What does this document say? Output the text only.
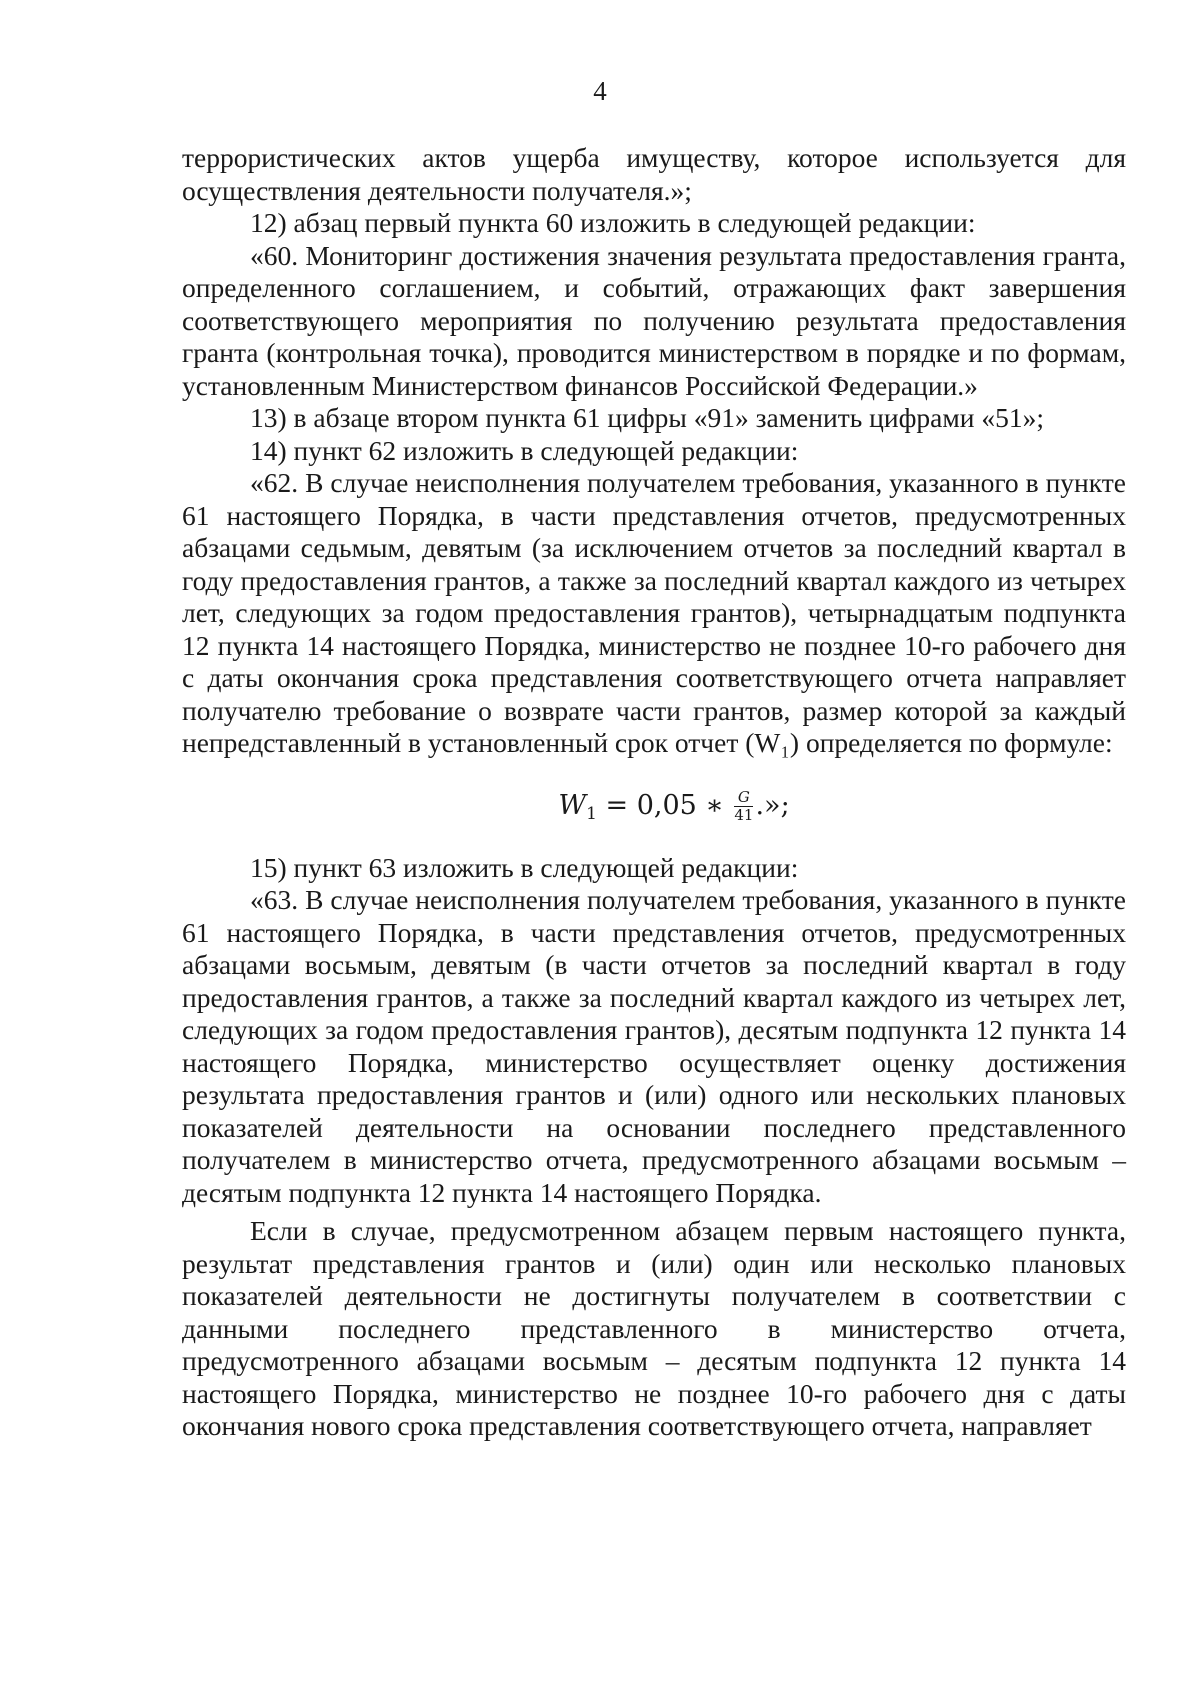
4

террористических актов ущерба имуществу, которое используется для осуществления деятельности получателя.»;

12) абзац первый пункта 60 изложить в следующей редакции:

«60. Мониторинг достижения значения результата предоставления гранта, определенного соглашением, и событий, отражающих факт завершения соответствующего мероприятия по получению результата предоставления гранта (контрольная точка), проводится министерством в порядке и по формам, установленным Министерством финансов Российской Федерации.»

13) в абзаце втором пункта 61 цифры «91» заменить цифрами «51»;

14) пункт 62 изложить в следующей редакции:

«62. В случае неисполнения получателем требования, указанного в пункте 61 настоящего Порядка, в части представления отчетов, предусмотренных абзацами седьмым, девятым (за исключением отчетов за последний квартал в году предоставления грантов, а также за последний квартал каждого из четырех лет, следующих за годом предоставления грантов), четырнадцатым подпункта 12 пункта 14 настоящего Порядка, министерство не позднее 10-го рабочего дня с даты окончания срока представления соответствующего отчета направляет получателю требование о возврате части грантов, размер которой за каждый непредставленный в установленный срок отчет (W₁) определяется по формуле:

$W_1 = 0,05$ ∗ $\frac{G}{41}$ .»;

15) пункт 63 изложить в следующей редакции:

«63. В случае неисполнения получателем требования, указанного в пункте 61 настоящего Порядка, в части представления отчетов, предусмотренных абзацами восьмым, девятым (в части отчетов за последний квартал в году предоставления грантов, а также за последний квартал каждого из четырех лет, следующих за годом предоставления грантов), десятым подпункта 12 пункта 14 настоящего Порядка, министерство осуществляет оценку достижения результата предоставления грантов и (или) одного или нескольких плановых показателей деятельности на основании последнего представленного получателем в министерство отчета, предусмотренного абзацами восьмым – десятым подпункта 12 пункта 14 настоящего Порядка.

Если в случае, предусмотренном абзацем первым настоящего пункта, результат представления грантов и (или) один или несколько плановых показателей деятельности не достигнуты получателем в соответствии с данными последнего представленного в министерство отчета, предусмотренного абзацами восьмым – десятым подпункта 12 пункта 14 настоящего Порядка, министерство не позднее 10-го рабочего дня с даты окончания нового срока представления соответствующего отчета, направляет
